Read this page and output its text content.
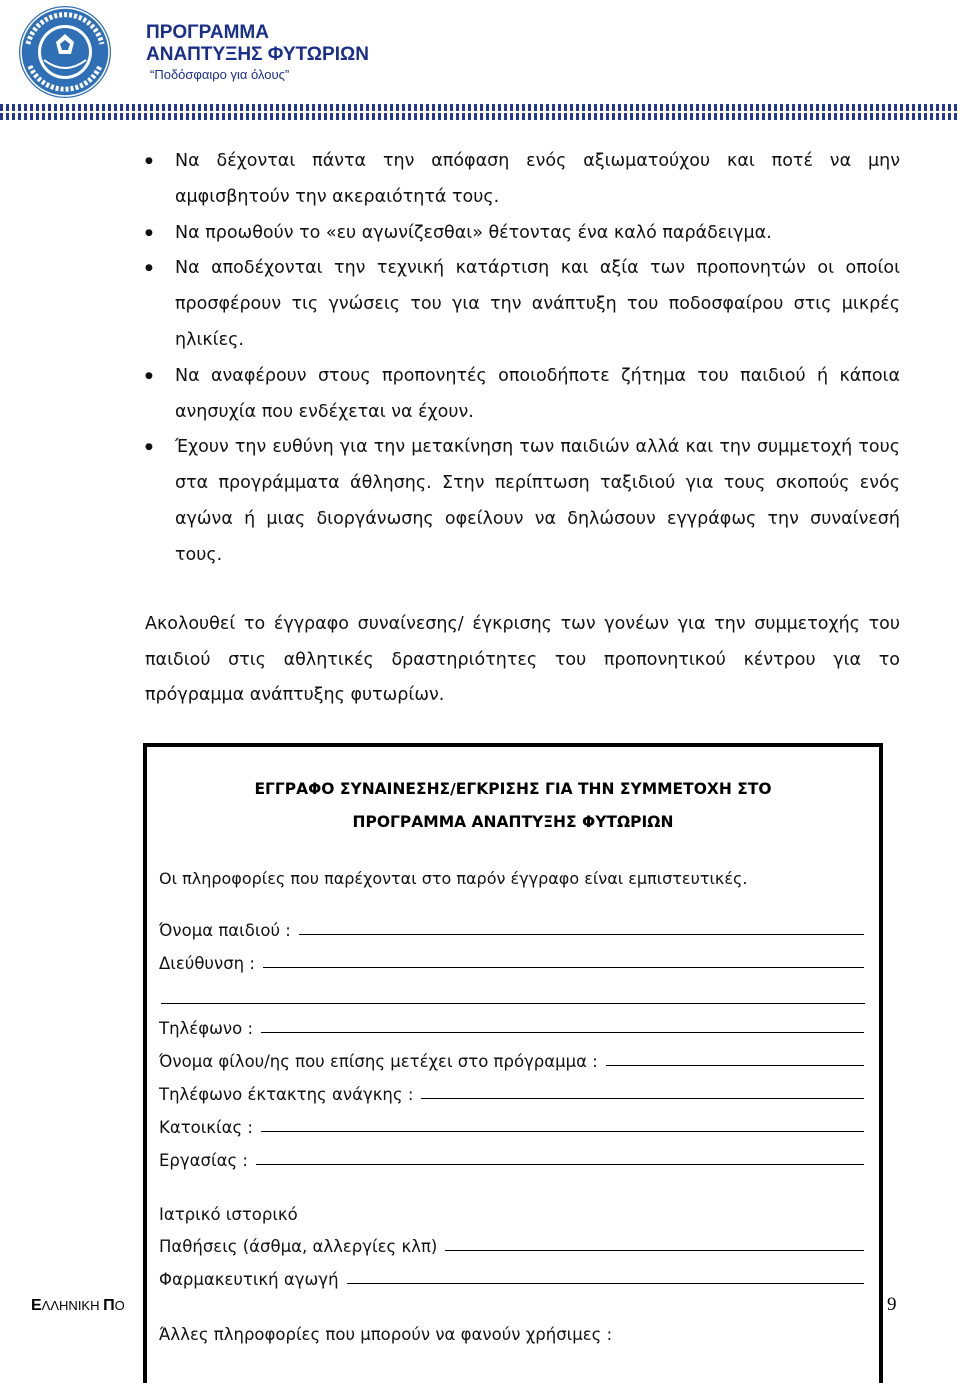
ΠΡΟΓΡΑΜΜΑ
ΑΝΑΠΤΥΞΗΣ ΦΥΤΩΡΙΩΝ
“Ποδόσφαιρο για όλους”
● Να δέχονται πάντα την απόφαση ενός αξιωματούχου και ποτέ να μην αμφισβητούν την ακεραιότητά τους.
● Να προωθούν το «ευ αγωνίζεσθαι» θέτοντας ένα καλό παράδειγμα.
● Να αποδέχονται την τεχνική κατάρτιση και αξία των προπονητών οι οποίοι προσφέρουν τις γνώσεις του για την ανάπτυξη του ποδοσφαίρου στις μικρές ηλικίες.
● Να αναφέρουν στους προπονητές οποιοδήποτε ζήτημα του παιδιού ή κάποια ανησυχία που ενδέχεται να έχουν.
● Έχουν την ευθύνη για την μετακίνηση των παιδιών αλλά και την συμμετοχή τους στα προγράμματα άθλησης. Στην περίπτωση ταξιδιού για τους σκοπούς ενός αγώνα ή μιας διοργάνωσης οφείλουν να δηλώσουν εγγράφως την συναίνεσή τους.

Ακολουθεί το έγγραφο συναίνεσης/ έγκρισης των γονέων για την συμμετοχής του παιδιού στις αθλητικές δραστηριότητες του προπονητικού κέντρου για το πρόγραμμα ανάπτυξης φυτωρίων.

ΕΓΓΡΑΦΟ ΣΥΝΑΙΝΕΣΗΣ/ΕΓΚΡΙΣΗΣ ΓΙΑ ΤΗΝ ΣΥΜΜΕΤΟΧΗ ΣΤΟ
ΠΡΟΓΡΑΜΜΑ ΑΝΑΠΤΥΞΗΣ ΦΥΤΩΡΙΩΝ
Οι πληροφορίες που παρέχονται στο παρόν έγγραφο είναι εμπιστευτικές.
Όνομα παιδιού :
Διεύθυνση :
Τηλέφωνο :
Όνομα φίλου/ης που επίσης μετέχει στο πρόγραμμα :
Τηλέφωνο έκτακτης ανάγκης :
Κατοικίας :
Εργασίας :
Ιατρικό ιστορικό
Παθήσεις (άσθμα, αλλεργίες κλπ)
Φαρμακευτική αγωγή
Άλλες πληροφορίες που μπορούν να φανούν χρήσιμες :
ΕΛΛΗΝΙΚΗ ΠΟ	9
